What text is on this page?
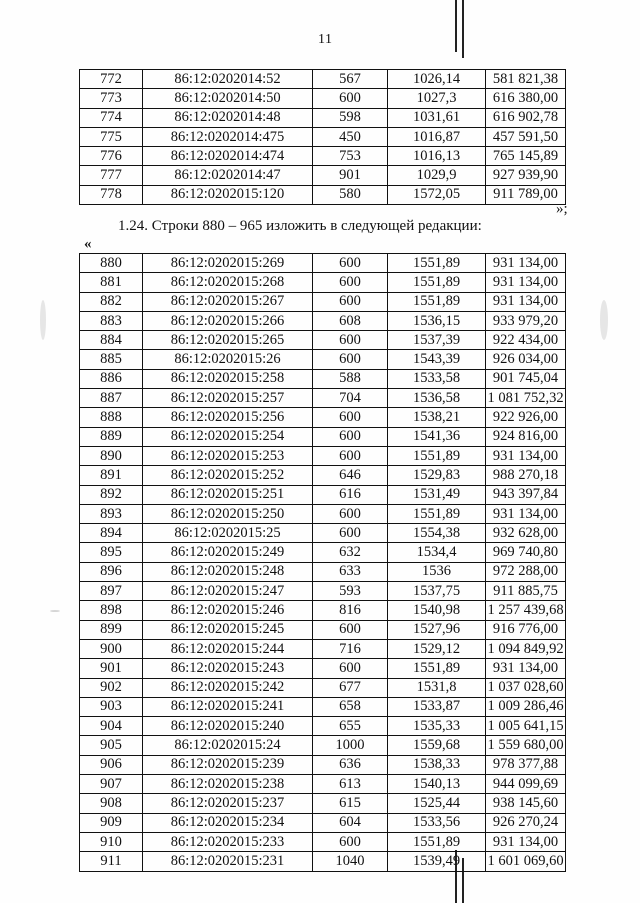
11
772	86:12:0202014:52	567	1026,14	581 821,38
773	86:12:0202014:50	600	1027,3	616 380,00
774	86:12:0202014:48	598	1031,61	616 902,78
775	86:12:0202014:475	450	1016,87	457 591,50
776	86:12:0202014:474	753	1016,13	765 145,89
777	86:12:0202014:47	901	1029,9	927 939,90
778	86:12:0202015:120	580	1572,05	911 789,00
»;
1.24. Строки 880 – 965 изложить в следующей редакции:
«
880	86:12:0202015:269	600	1551,89	931 134,00
881	86:12:0202015:268	600	1551,89	931 134,00
882	86:12:0202015:267	600	1551,89	931 134,00
883	86:12:0202015:266	608	1536,15	933 979,20
884	86:12:0202015:265	600	1537,39	922 434,00
885	86:12:0202015:26	600	1543,39	926 034,00
886	86:12:0202015:258	588	1533,58	901 745,04
887	86:12:0202015:257	704	1536,58	1 081 752,32
888	86:12:0202015:256	600	1538,21	922 926,00
889	86:12:0202015:254	600	1541,36	924 816,00
890	86:12:0202015:253	600	1551,89	931 134,00
891	86:12:0202015:252	646	1529,83	988 270,18
892	86:12:0202015:251	616	1531,49	943 397,84
893	86:12:0202015:250	600	1551,89	931 134,00
894	86:12:0202015:25	600	1554,38	932 628,00
895	86:12:0202015:249	632	1534,4	969 740,80
896	86:12:0202015:248	633	1536	972 288,00
897	86:12:0202015:247	593	1537,75	911 885,75
898	86:12:0202015:246	816	1540,98	1 257 439,68
899	86:12:0202015:245	600	1527,96	916 776,00
900	86:12:0202015:244	716	1529,12	1 094 849,92
901	86:12:0202015:243	600	1551,89	931 134,00
902	86:12:0202015:242	677	1531,8	1 037 028,60
903	86:12:0202015:241	658	1533,87	1 009 286,46
904	86:12:0202015:240	655	1535,33	1 005 641,15
905	86:12:0202015:24	1000	1559,68	1 559 680,00
906	86:12:0202015:239	636	1538,33	978 377,88
907	86:12:0202015:238	613	1540,13	944 099,69
908	86:12:0202015:237	615	1525,44	938 145,60
909	86:12:0202015:234	604	1533,56	926 270,24
910	86:12:0202015:233	600	1551,89	931 134,00
911	86:12:0202015:231	1040	1539,49	1 601 069,60
